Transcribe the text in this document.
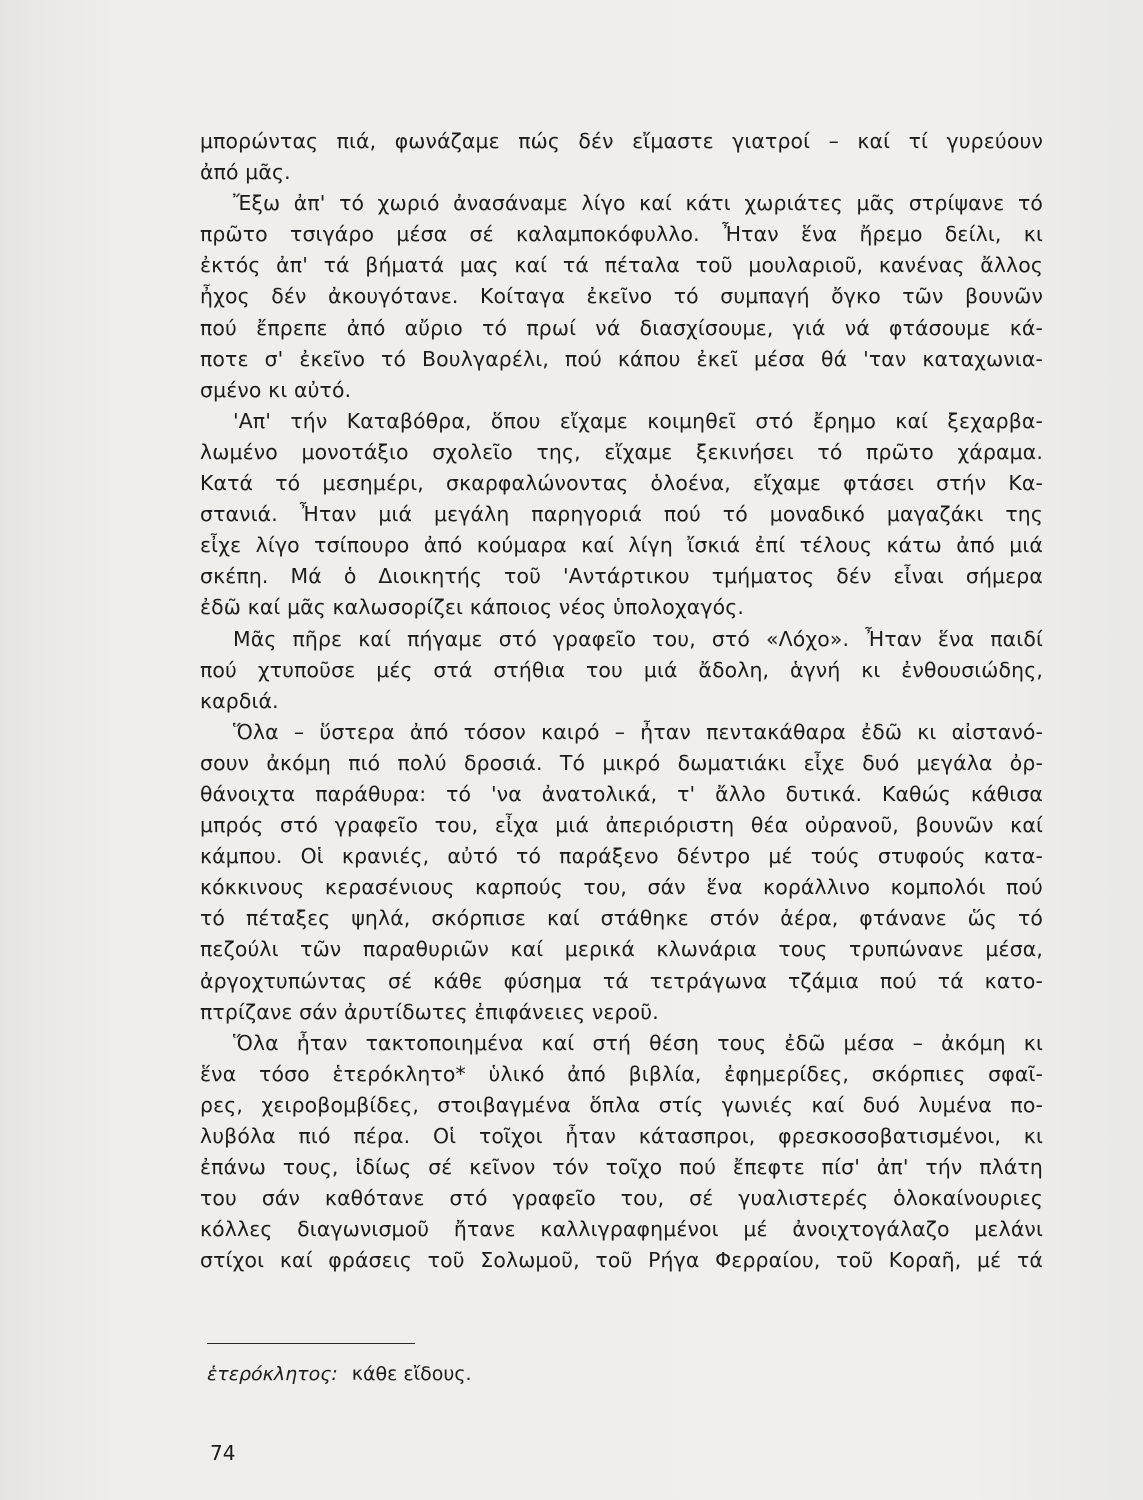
μπορώντας πιά, φωνάζαμε πώς δέν εἴμαστε γιατροί – καί τί γυρεύουν
ἀπό μᾶς.
Ἔξω ἀπ' τό χωριό ἀνασάναμε λίγο καί κάτι χωριάτες μᾶς στρίψανε τό
πρῶτο τσιγάρο μέσα σέ καλαμποκόφυλλο. Ἦταν ἕνα ἤρεμο δείλι, κι
ἐκτός ἀπ' τά βήματά μας καί τά πέταλα τοῦ μουλαριοῦ, κανένας ἄλλος
ἦχος δέν ἀκουγότανε. Κοίταγα ἐκεῖνο τό συμπαγή ὄγκο τῶν βουνῶν
πού ἔπρεπε ἀπό αὔριο τό πρωί νά διασχίσουμε, γιά νά φτάσουμε κά-
ποτε σ' ἐκεῖνο τό Βουλγαρέλι, πού κάπου ἐκεῖ μέσα θά 'ταν καταχωνια-
σμένο κι αὐτό.
'Απ' τήν Καταβόθρα, ὅπου εἴχαμε κοιμηθεῖ στό ἔρημο καί ξεχαρβα-
λωμένο μονοτάξιο σχολεῖο της, εἴχαμε ξεκινήσει τό πρῶτο χάραμα.
Κατά τό μεσημέρι, σκαρφαλώνοντας ὁλοένα, εἴχαμε φτάσει στήν Κα-
στανιά. Ἦταν μιά μεγάλη παρηγοριά πού τό μοναδικό μαγαζάκι της
εἶχε λίγο τσίπουρο ἀπό κούμαρα καί λίγη ἴσκιά ἐπί τέλους κάτω ἀπό μιά
σκέπη. Μά ὁ Διοικητής τοῦ 'Αντάρτικου τμήματος δέν εἶναι σήμερα
ἐδῶ καί μᾶς καλωσορίζει κάποιος νέος ὑπολοχαγός.
Μᾶς πῆρε καί πήγαμε στό γραφεῖο του, στό «Λόχο». Ἦταν ἕνα παιδί
πού χτυποῦσε μές στά στήθια του μιά ἄδολη, ἁγνή κι ἐνθουσιώδης,
καρδιά.
Ὅλα – ὕστερα ἀπό τόσον καιρό – ἦταν πεντακάθαρα ἐδῶ κι αἰστανό-
σουν ἀκόμη πιό πολύ δροσιά. Τό μικρό δωματιάκι εἶχε δυό μεγάλα ὀρ-
θάνοιχτα παράθυρα: τό 'να ἀνατολικά, τ' ἄλλο δυτικά. Καθώς κάθισα
μπρός στό γραφεῖο του, εἶχα μιά ἀπεριόριστη θέα οὐρανοῦ, βουνῶν καί
κάμπου. Οἱ κρανιές, αὐτό τό παράξενο δέντρο μέ τούς στυφούς κατα-
κόκκινους κερασένιους καρπούς του, σάν ἕνα κοράλλινο κομπολόι πού
τό πέταξες ψηλά, σκόρπισε καί στάθηκε στόν ἀέρα, φτάνανε ὥς τό
πεζούλι τῶν παραθυριῶν καί μερικά κλωνάρια τους τρυπώνανε μέσα,
ἀργοχτυπώντας σέ κάθε φύσημα τά τετράγωνα τζάμια πού τά κατο-
πτρίζανε σάν ἀρυτίδωτες ἐπιφάνειες νεροῦ.
Ὅλα ἦταν τακτοποιημένα καί στή θέση τους ἐδῶ μέσα – ἀκόμη κι
ἕνα τόσο ἑτερόκλητο* ὑλικό ἀπό βιβλία, ἐφημερίδες, σκόρπιες σφαῖ-
ρες, χειροβομβίδες, στοιβαγμένα ὅπλα στίς γωνιές καί δυό λυμένα πο-
λυβόλα πιό πέρα. Οἱ τοῖχοι ἦταν κάτασπροι, φρεσκοσοβατισμένοι, κι
ἐπάνω τους, ἰδίως σέ κεῖνον τόν τοῖχο πού ἔπεφτε πίσ' ἀπ' τήν πλάτη
του σάν καθότανε στό γραφεῖο του, σέ γυαλιστερές ὁλοκαίνουριες
κόλλες διαγωνισμοῦ ἤτανε καλλιγραφημένοι μέ ἀνοιχτογάλαζο μελάνι
στίχοι καί φράσεις τοῦ Σολωμοῦ, τοῦ Ρήγα Φερραίου, τοῦ Κοραῆ, μέ τά
ἑτερόκλητος: κάθε εἴδους.
74
